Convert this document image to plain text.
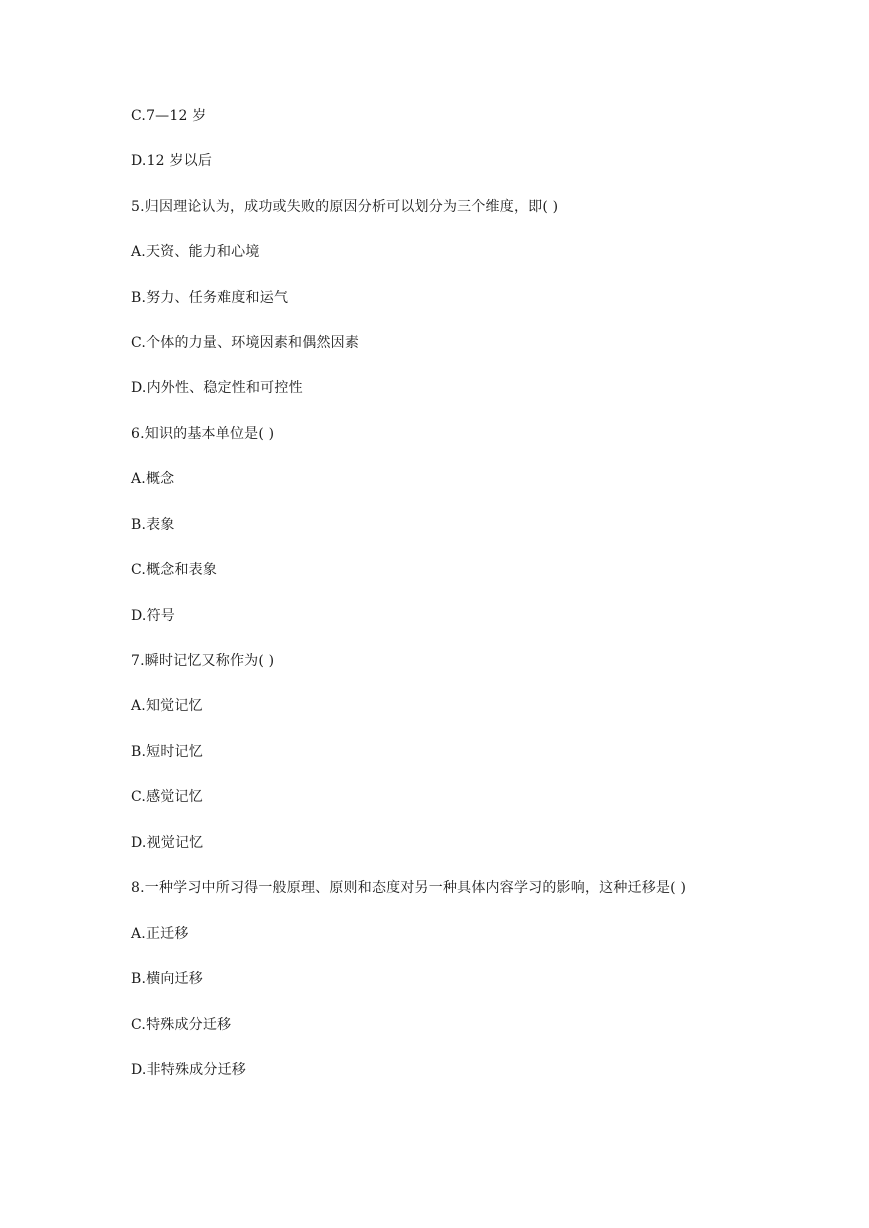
C.7—12 岁
D.12 岁以后
5.归因理论认为，成功或失败的原因分析可以划分为三个维度，即( )
A.天资、能力和心境
B.努力、任务难度和运气
C.个体的力量、环境因素和偶然因素
D.内外性、稳定性和可控性
6.知识的基本单位是( )
A.概念
B.表象
C.概念和表象
D.符号
7.瞬时记忆又称作为( )
A.知觉记忆
B.短时记忆
C.感觉记忆
D.视觉记忆
8.一种学习中所习得一般原理、原则和态度对另一种具体内容学习的影响，这种迁移是( )
A.正迁移
B.横向迁移
C.特殊成分迁移
D.非特殊成分迁移
